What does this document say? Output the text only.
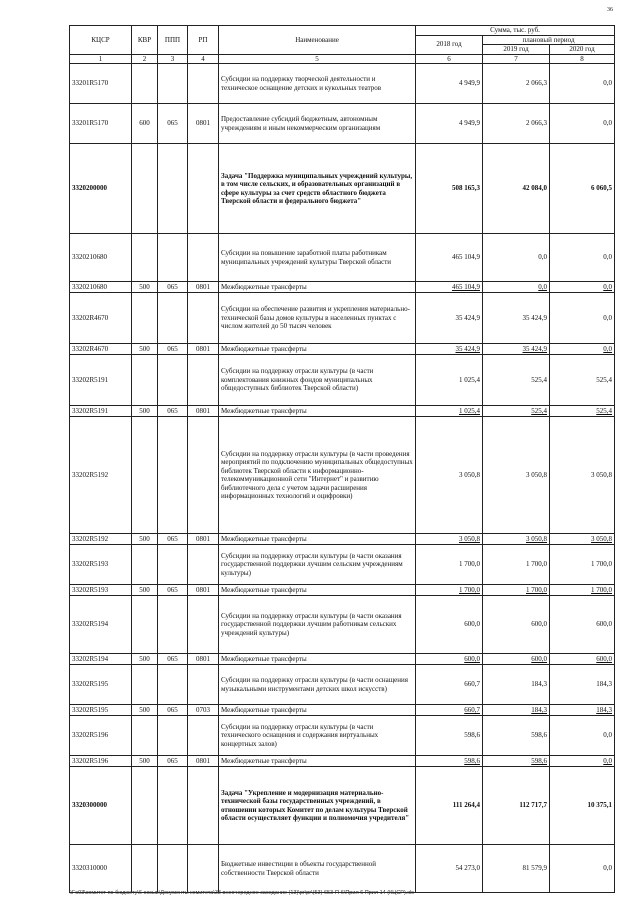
36
КЦСР	КВР	ППП	РП	Наименование	Сумма, тыс. руб.		
					2018 год	плановый период	
						2019 год	2020 год
1	2	3	4	5	6	7	8
33201R5170				Субсидии на поддержку творческой деятельности и техническое оснащение детских и кукольных театров	4 949,9	2 066,3	0,0
33201R5170	600	065	0801	Предоставление субсидий бюджетным, автономным учреждениям и иным некоммерческим организациям	4 949,9	2 066,3	0,0
3320200000				Задача "Поддержка муниципальных учреждений культуры, в том числе сельских, и образовательных организаций в сфере культуры за счет средств областного бюджета Тверской области и федерального бюджета"	508 165,3	42 084,0	6 060,5
3320210680				Субсидии на повышение заработной платы работникам муниципальных учреждений культуры Тверской области	465 104,9	0,0	0,0
3320210680	500	065	0801	Межбюджетные трансферты	465 104,9	0,0	0,0
33202R4670				Субсидии на обеспечение развития и укрепления материально-технической базы домов культуры в населенных пунктах с числом жителей до 50 тысяч человек	35 424,9	35 424,9	0,0
33202R4670	500	065	0801	Межбюджетные трансферты	35 424,9	35 424,9	0,0
33202R5191				Субсидии на поддержку отрасли культуры (в части комплектования книжных фондов муниципальных общедоступных библиотек Тверской области)	1 025,4	525,4	525,4
33202R5191	500	065	0801	Межбюджетные трансферты	1 025,4	525,4	525,4
33202R5192				Субсидии на поддержку отрасли культуры (в части проведения мероприятий по подключению муниципальных общедоступных библиотек Тверской области к информационно-телекоммуникационной сети "Интернет" и развитию библиотечного дела с учетом задачи расширения информационных технологий и оцифровки)	3 050,8	3 050,8	3 050,8
33202R5192	500	065	0801	Межбюджетные трансферты	3 050,8	3 050,8	3 050,8
33202R5193				Субсидии на поддержку отрасли культуры (в части оказания государственной поддержки лучшим сельским учреждениям культуры)	1 700,0	1 700,0	1 700,0
33202R5193	500	065	0801	Межбюджетные трансферты	1 700,0	1 700,0	1 700,0
33202R5194				Субсидии на поддержку отрасли культуры (в части оказания государственной поддержки лучшим работникам сельских учреждений культуры)	600,0	600,0	600,0
33202R5194	500	065	0801	Межбюджетные трансферты	600,0	600,0	600,0
33202R5195				Субсидии на поддержку отрасли культуры (в части оснащения музыкальными инструментами детских школ искусств)	660,7	184,3	184,3
33202R5195	500	065	0703	Межбюджетные трансферты	660,7	184,3	184,3
33202R5196				Субсидии на поддержку отрасли культуры (в части технического оснащения и содержания виртуальных концертных залов)	598,6	598,6	0,0
33202R5196	500	065	0801	Межбюджетные трансферты	598,6	598,6	0,0
3320300000				Задача "Укрепление и модернизация материально-технической базы государственных учреждений, в отношении которых Комитет по делам культуры Тверской области осуществляет функции и полномочия учредителя"	111 264,4	112 717,7	10 375,1
3320310000				Бюджетные инвестиции в объекты государственной собственности Тверской области	54 273,0	81 579,9	0,0
\\Fs03\комитет по бюджету\6 созыв\Документы комитета\33 внеочередное заседание (13)\pr\pr\(53) 653-П-6\Прил 6 Прил 14 (КЦСР).xls
